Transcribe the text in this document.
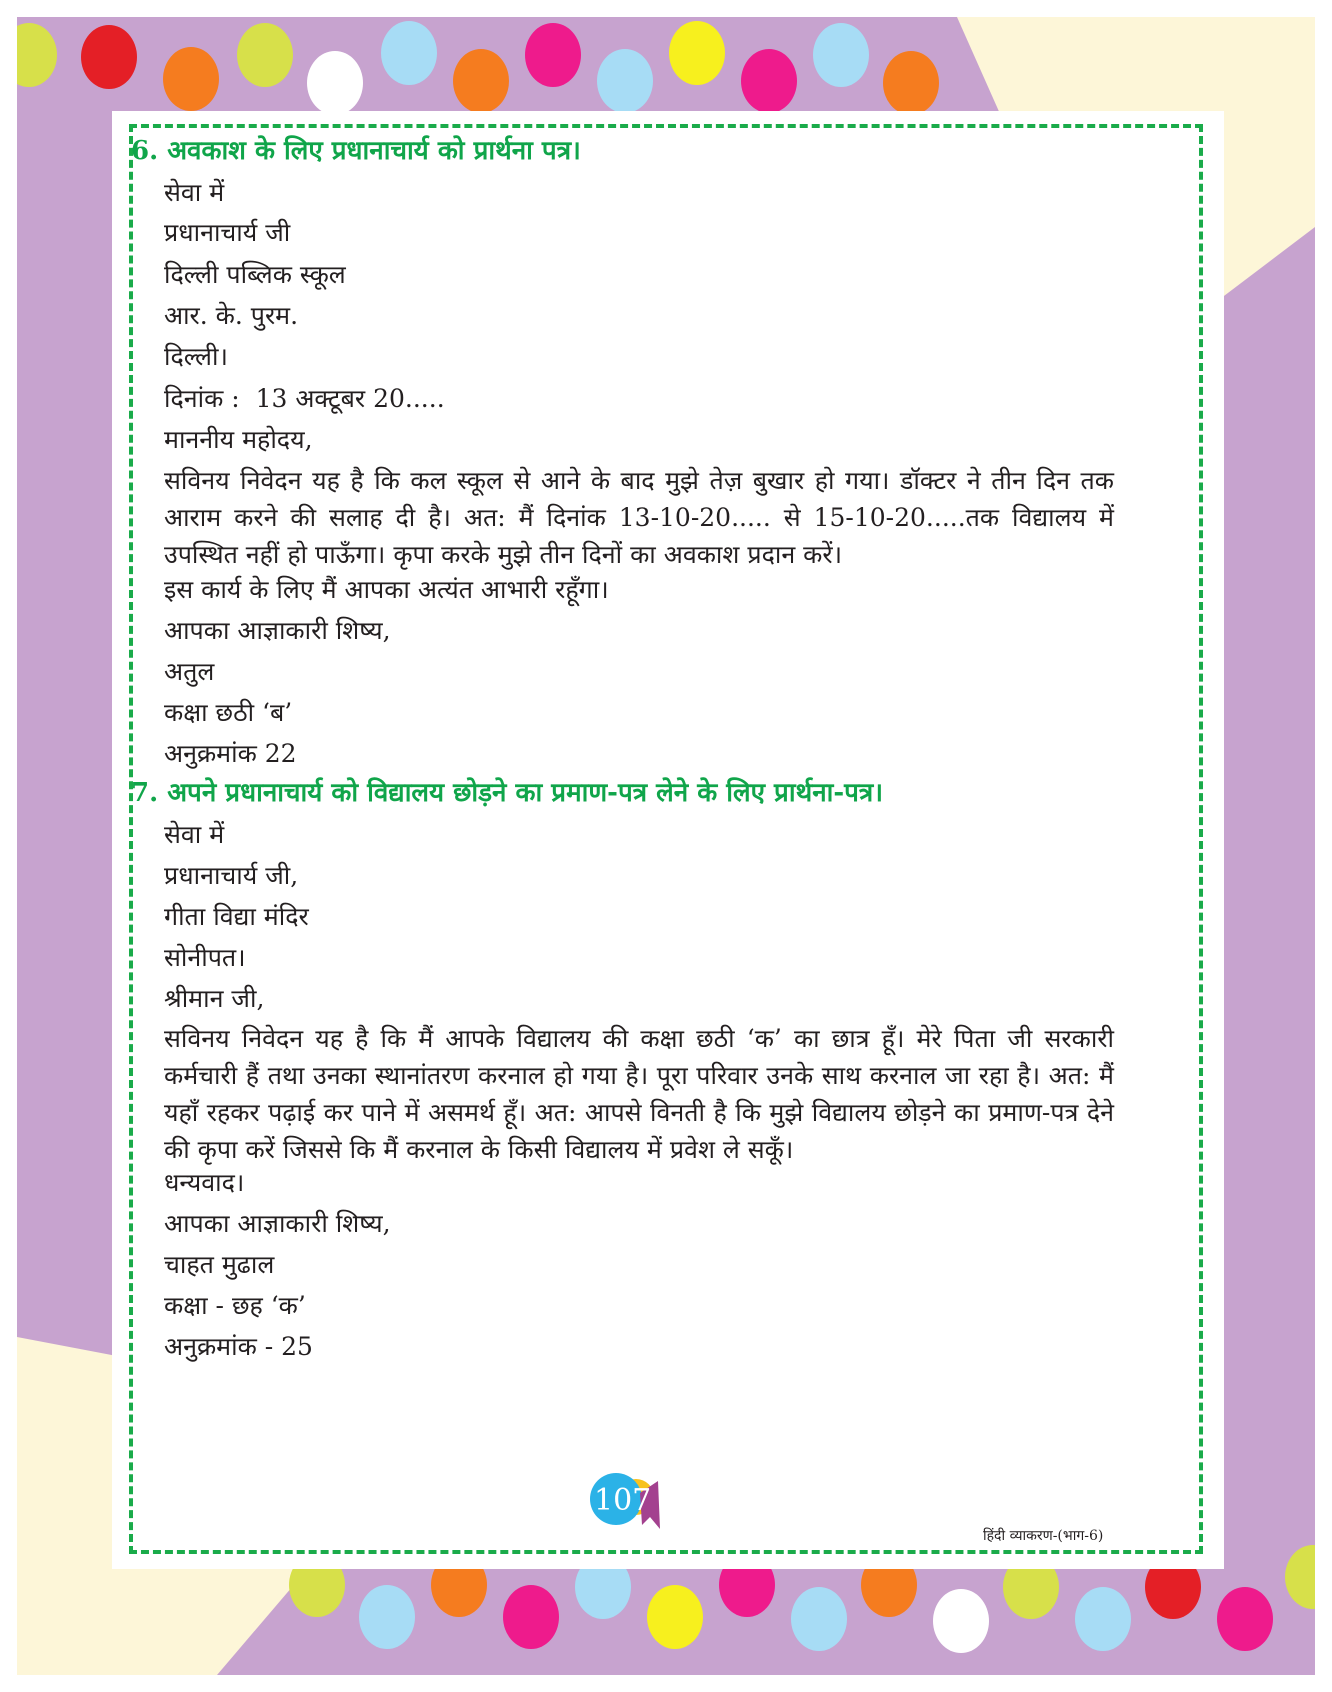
6. अवकाश के लिए प्रधानाचार्य को प्रार्थना पत्र।
सेवा में
प्रधानाचार्य जी
दिल्ली पब्लिक स्कूल
आर. के. पुरम.
दिल्ली।
दिनांक :  13 अक्टूबर 20.....
माननीय महोदय,
सविनय निवेदन यह है कि कल स्कूल से आने के बाद मुझे तेज़ बुखार हो गया। डॉक्टर ने तीन दिन तक आराम करने की सलाह दी है। अत: मैं दिनांक 13-10-20..... से 15-10-20.....तक विद्यालय में उपस्थित नहीं हो पाऊँगा। कृपा करके मुझे तीन दिनों का अवकाश प्रदान करें।
इस कार्य के लिए मैं आपका अत्यंत आभारी रहूँगा।
आपका आज्ञाकारी शिष्य,
अतुल
कक्षा छठी ‘ब’
अनुक्रमांक 22
7. अपने प्रधानाचार्य को विद्यालय छोड़ने का प्रमाण-पत्र लेने के लिए प्रार्थना-पत्र।
सेवा में
प्रधानाचार्य जी,
गीता विद्या मंदिर
सोनीपत।
श्रीमान जी,
सविनय निवेदन यह है कि मैं आपके विद्यालय की कक्षा छठी ‘क’ का छात्र हूँ। मेरे पिता जी सरकारी कर्मचारी हैं तथा उनका स्थानांतरण करनाल हो गया है। पूरा परिवार उनके साथ करनाल जा रहा है। अत: मैं यहाँ रहकर पढ़ाई कर पाने में असमर्थ हूँ। अत: आपसे विनती है कि मुझे विद्यालय छोड़ने का प्रमाण-पत्र देने की कृपा करें जिससे कि मैं करनाल के किसी विद्यालय में प्रवेश ले सकूँ।
धन्यवाद।
आपका आज्ञाकारी शिष्य,
चाहत मुढाल
कक्षा - छह ‘क’
अनुक्रमांक - 25
107
हिंदी व्याकरण-(भाग-6)
